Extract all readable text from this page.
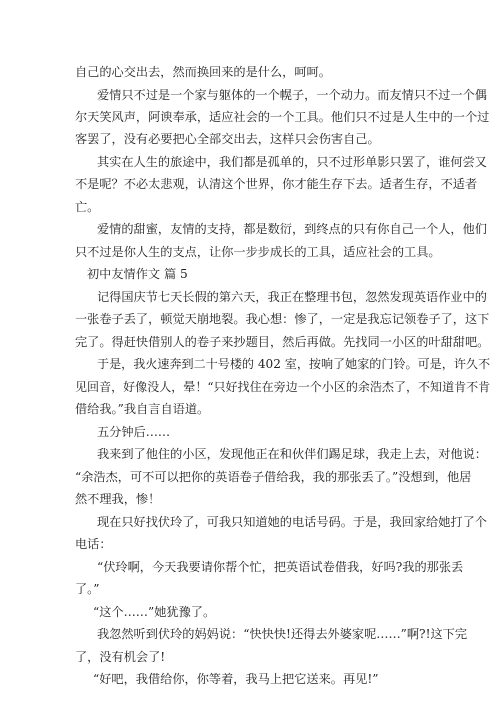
自己的心交出去，然而换回来的是什么，呵呵。
爱情只不过是一个家与躯体的一个幌子，一个动力。而友情只不过一个偶
尔天笑风声，阿谀奉承，适应社会的一个工具。他们只不过是人生中的一个过
客罢了，没有必要把心全部交出去，这样只会伤害自己。
其实在人生的旅途中，我们都是孤单的，只不过形单影只罢了，谁何尝又
不是呢？不必太悲观，认清这个世界，你才能生存下去。适者生存，不适者
亡。
爱情的甜蜜，友情的支持，都是数衍，到终点的只有你自己一个人，他们
只不过是你人生的支点，让你一步步成长的工具，适应社会的工具。
初中友情作文 篇 5
记得国庆节七天长假的第六天，我正在整理书包，忽然发现英语作业中的
一张卷子丢了，顿觉天崩地裂。我心想：惨了，一定是我忘记领卷子了，这下
完了。得赶快借别人的卷子来抄题目，然后再做。先找同一小区的叶甜甜吧。
于是，我火速奔到二十号楼的 402 室，按响了她家的门铃。可是，许久不
见回音，好像没人，晕！“只好找住在旁边一个小区的余浩杰了，不知道肯不肯
借给我。”我自言自语道。
五分钟后……
我来到了他住的小区，发现他正在和伙伴们踢足球，我走上去，对他说：
“余浩杰，可不可以把你的英语卷子借给我，我的那张丢了。”没想到，他居
然不理我，惨！
现在只好找伏玲了，可我只知道她的电话号码。于是，我回家给她打了个
电话：
“伏玲啊，今天我要请你帮个忙，把英语试卷借我，好吗?我的那张丢
了。”
“这个……”她犹豫了。
我忽然听到伏玲的妈妈说：“快快快!还得去外婆家呢……”啊?!这下完
了，没有机会了!
“好吧，我借给你，你等着，我马上把它送来。再见!”
